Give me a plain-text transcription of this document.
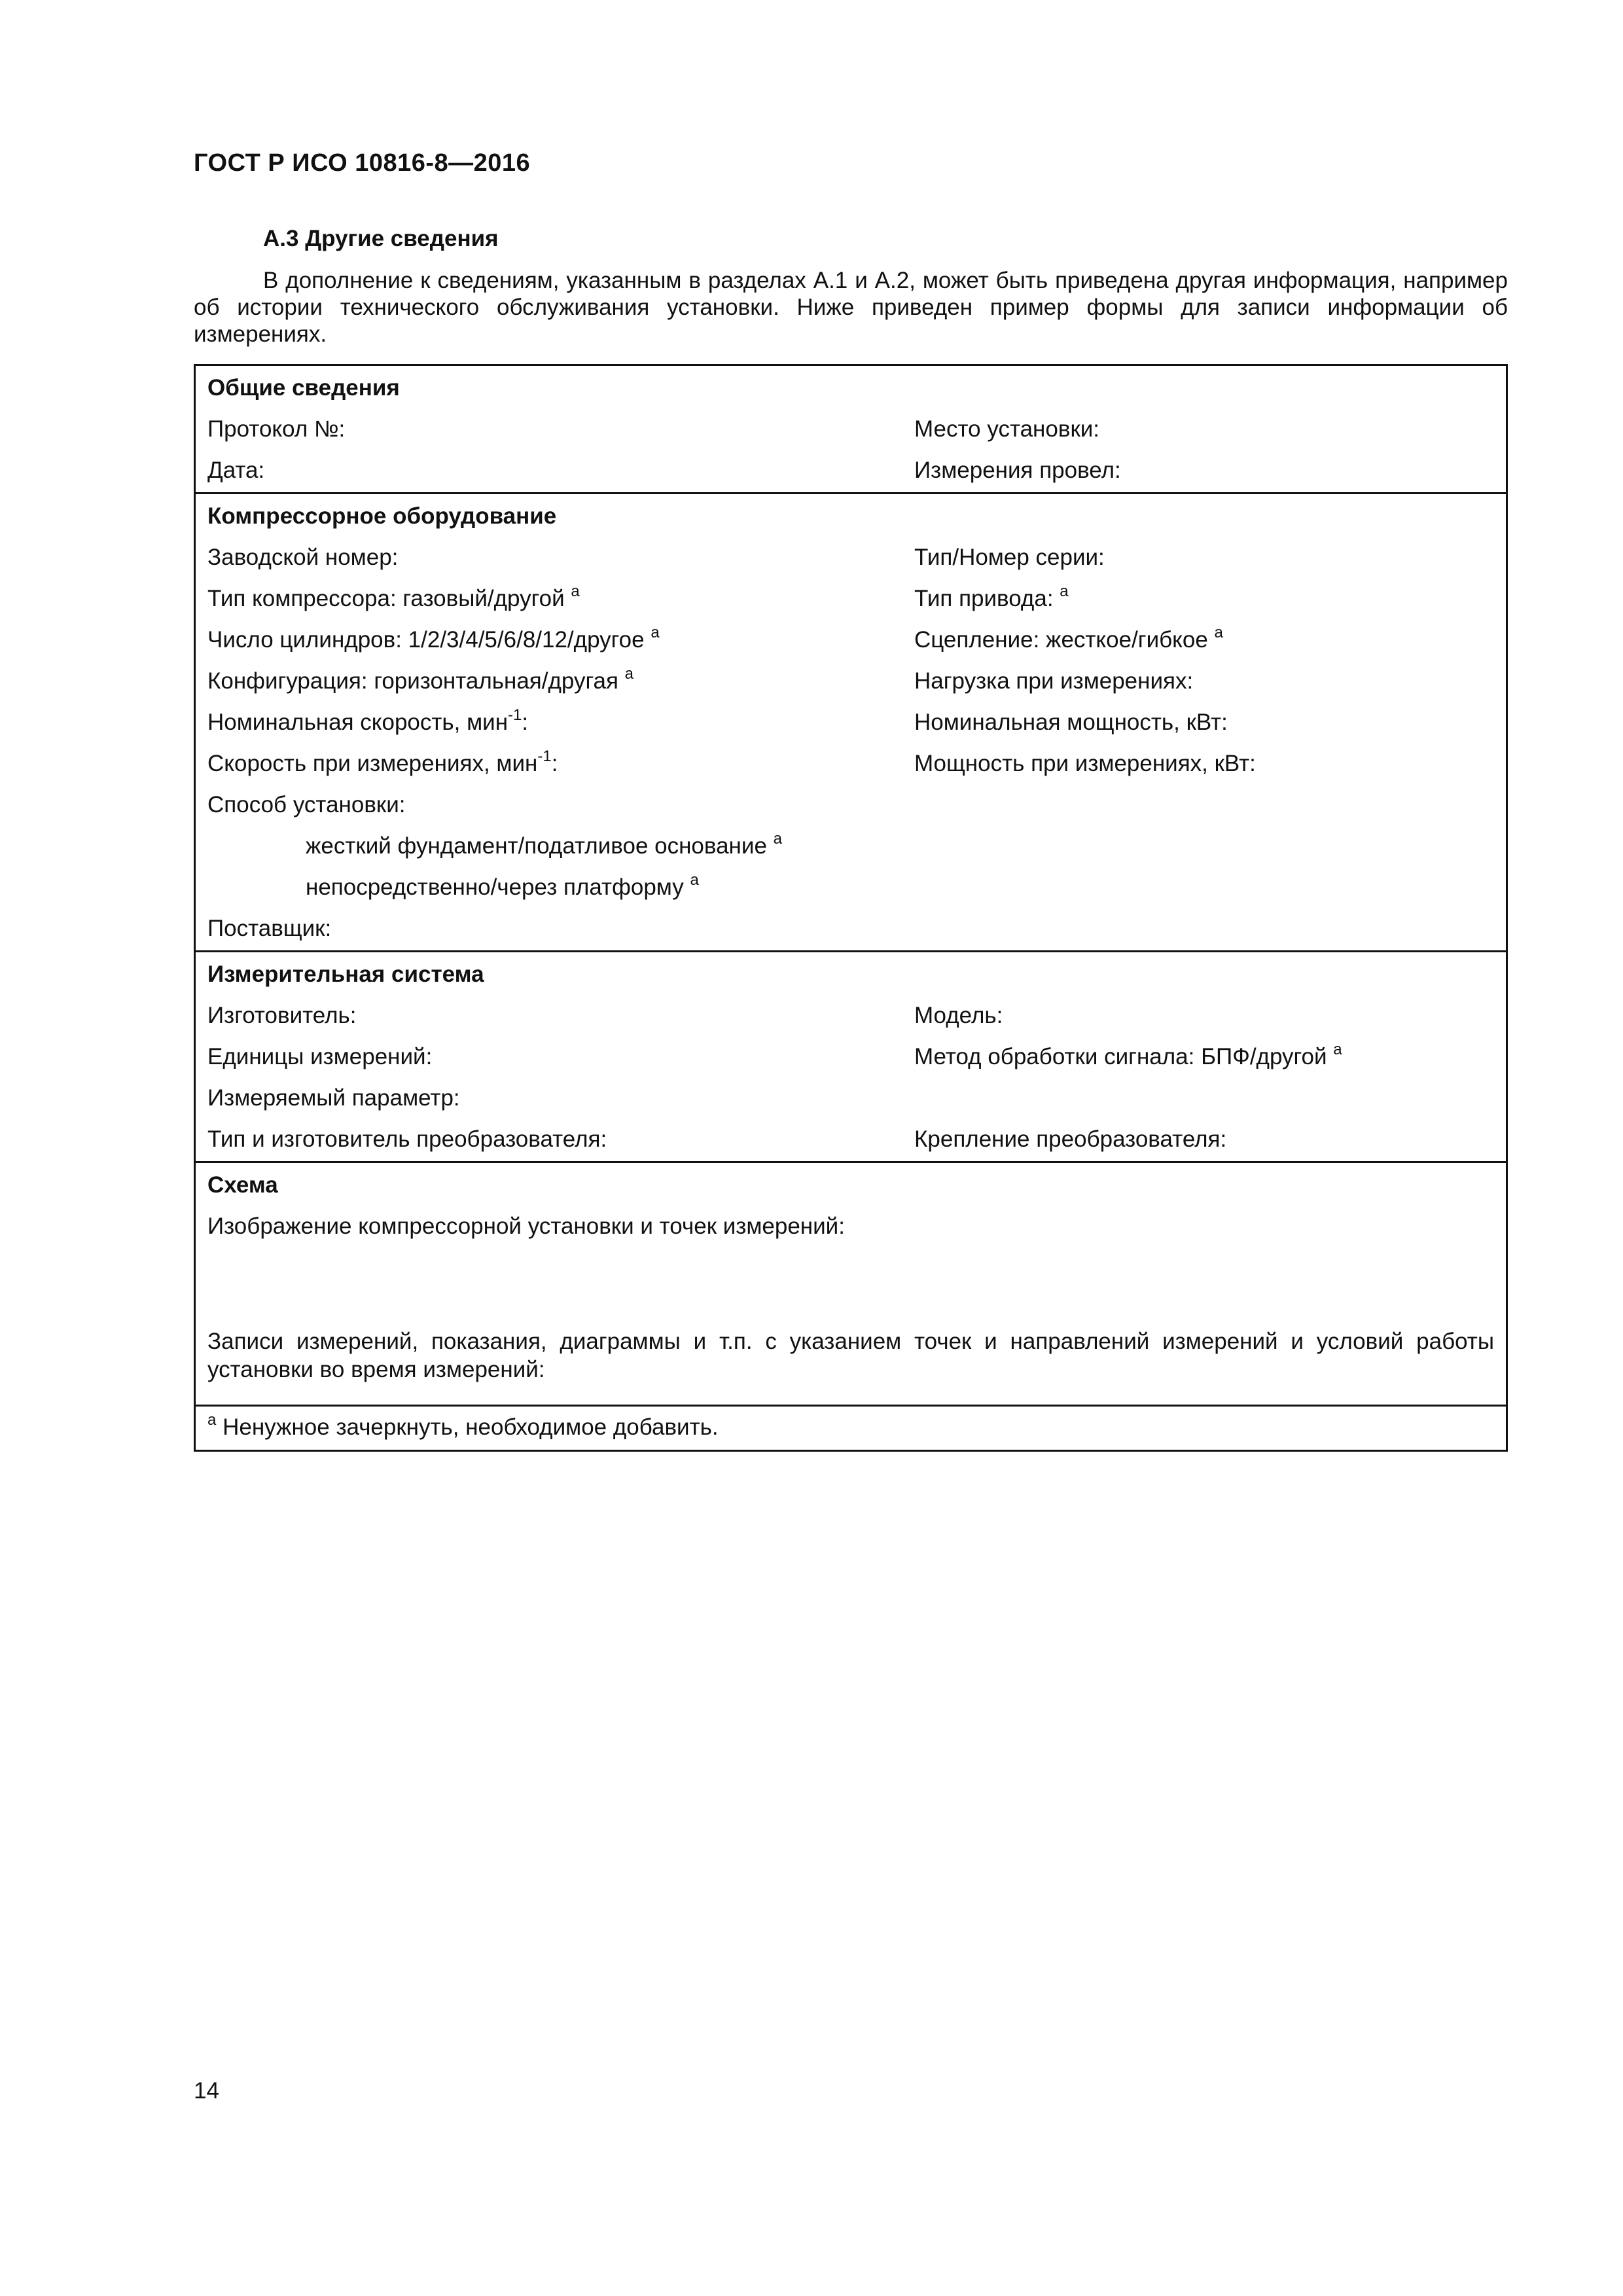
ГОСТ Р ИСО 10816-8—2016
А.3 Другие сведения

В дополнение к сведениям, указанным в разделах А.1 и А.2, может быть приведена другая информация, например об истории технического обслуживания установки. Ниже приведен пример формы для записи информации об измерениях.

Общие сведения
Протокол №:	Место установки:
Дата:	Измерения провел:
Компрессорное оборудование
Заводской номер:	Тип/Номер серии:
Тип компрессора: газовый/другой $^а$	Тип привода: $^а$
Число цилиндров: 1/2/3/4/5/6/8/12/другое $^а$	Сцепление: жесткое/гибкое $^а$
Конфигурация: горизонтальная/другая $^а$	Нагрузка при измерениях:
Номинальная скорость, мин$^{-1}$:	Номинальная мощность, кВт:
Скорость при измерениях, мин$^{-1}$:	Мощность при измерениях, кВт:
Способ установки:
жесткий фундамент/податливое основание $^а$
непосредственно/через платформу $^а$
Поставщик:
Измерительная система
Изготовитель:	Модель:
Единицы измерений:	Метод обработки сигнала: БПФ/другой $^а$
Измеряемый параметр:
Тип и изготовитель преобразователя:	Крепление преобразователя:
Схема
Изображение компрессорной установки и точек измерений:
Записи измерений, показания, диаграммы и т.п. с указанием точек и направлений измерений и условий работы установки во время измерений:
$^а$ Ненужное зачеркнуть, необходимое добавить.
14
